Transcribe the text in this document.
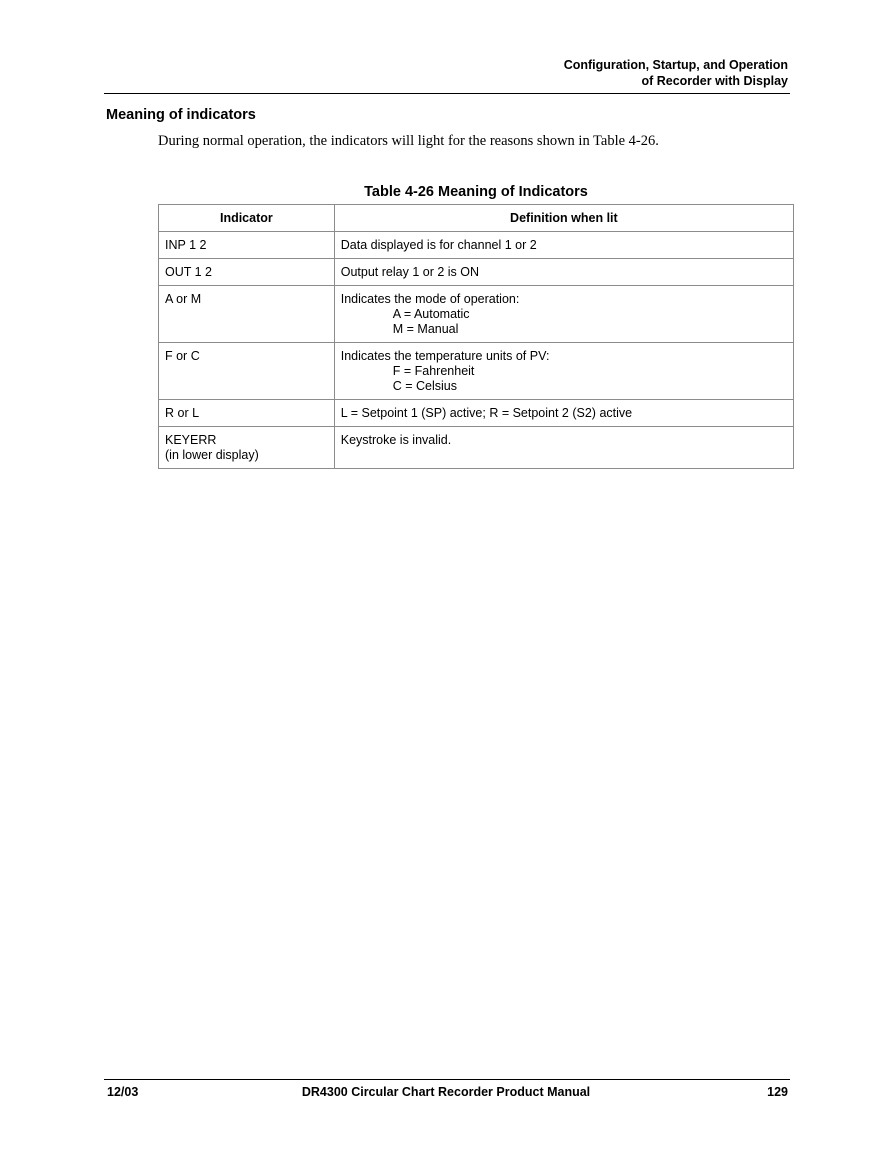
Configuration, Startup, and Operation
of Recorder with Display
Meaning of indicators
During normal operation, the indicators will light for the reasons shown in Table 4-26.
Table 4-26 Meaning of Indicators
Indicator	Definition when lit

INP 1 2	Data displayed is for channel 1 or 2

OUT 1 2	Output relay 1 or 2 is ON

A or M	Indicates the mode of operation:
A = Automatic
M = Manual

F or C	Indicates the temperature units of PV:
F = Fahrenheit
C = Celsius

R or L	L = Setpoint 1 (SP) active; R = Setpoint 2 (S2) active

KEYERR
(in lower display)	Keystroke is invalid.
12/03	DR4300 Circular Chart Recorder Product Manual	129
